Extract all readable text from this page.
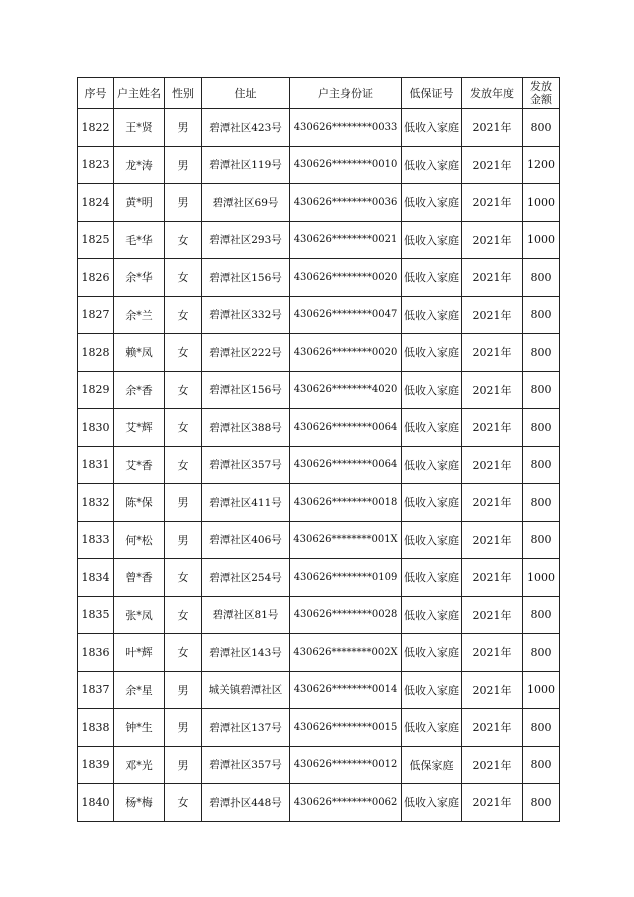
序号	户主姓名	性别	住址	户主身份证	低保证号	发放年度	发放
金额

1822	王*贤	男	碧潭社区423号	430626********0033	低收入家庭	2021年	800
1823	龙*涛	男	碧潭社区119号	430626********0010	低收入家庭	2021年	1200
1824	黄*明	男	碧潭社区69号	430626********0036	低收入家庭	2021年	1000
1825	毛*华	女	碧潭社区293号	430626********0021	低收入家庭	2021年	1000
1826	余*华	女	碧潭社区156号	430626********0020	低收入家庭	2021年	800
1827	余*兰	女	碧潭社区332号	430626********0047	低收入家庭	2021年	800
1828	赖*凤	女	碧潭社区222号	430626********0020	低收入家庭	2021年	800
1829	余*香	女	碧潭社区156号	430626********4020	低收入家庭	2021年	800
1830	艾*辉	女	碧潭社区388号	430626********0064	低收入家庭	2021年	800
1831	艾*香	女	碧潭社区357号	430626********0064	低收入家庭	2021年	800
1832	陈*保	男	碧潭社区411号	430626********0018	低收入家庭	2021年	800
1833	何*松	男	碧潭社区406号	430626********001X	低收入家庭	2021年	800
1834	曾*香	女	碧潭社区254号	430626********0109	低收入家庭	2021年	1000
1835	张*凤	女	碧潭社区81号	430626********0028	低收入家庭	2021年	800
1836	叶*辉	女	碧潭社区143号	430626********002X	低收入家庭	2021年	800
1837	余*星	男	城关镇碧潭社区	430626********0014	低收入家庭	2021年	1000
1838	钟*生	男	碧潭社区137号	430626********0015	低收入家庭	2021年	800
1839	邓*光	男	碧潭社区357号	430626********0012	低保家庭	2021年	800
1840	杨*梅	女	碧潭扑区448号	430626********0062	低收入家庭	2021年	800
